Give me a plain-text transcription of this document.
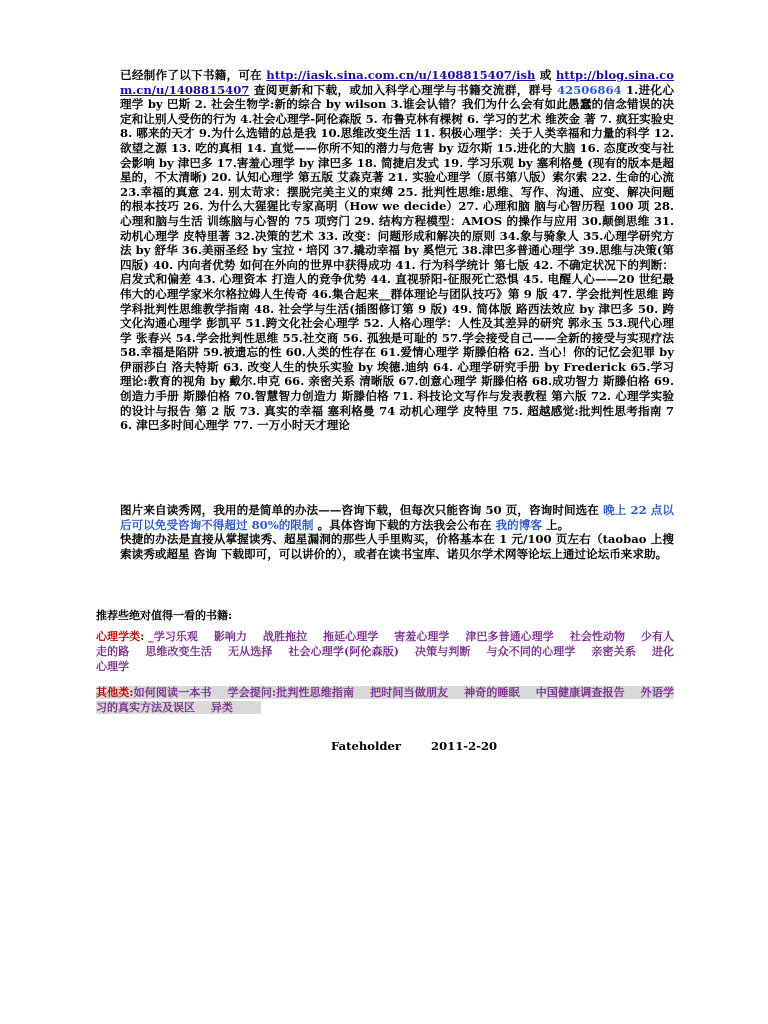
已经制作了以下书籍，可在 http://iask.sina.com.cn/u/1408815407/ish 或 http://blog.sina.com.cn/u/1408815407 查阅更新和下载，或加入科学心理学与书籍交流群，群号 42506864 1.进化心理学 by 巴斯 2. 社会生物学:新的综合 by wilson 3.谁会认错？我们为什么会有如此愚蠢的信念错误的决定和让别人受伤的行为 4.社会心理学-阿伦森版 5. 布鲁克林有棵树 6. 学习的艺术 维茨金 著 7. 疯狂实验史 8. 哪来的天才 9.为什么选错的总是我 10.思维改变生活 11. 积极心理学：关于人类幸福和力量的科学 12.欲望之源 13. 吃的真相 14. 直觉——你所不知的潜力与危害 by 迈尔斯 15.进化的大脑 16. 态度改变与社会影响 by 津巴多 17.害羞心理学 by 津巴多 18. 简捷启发式 19. 学习乐观 by 塞利格曼 (现有的版本是超星的，不太清晰) 20. 认知心理学 第五版 艾森克著 21. 实验心理学（原书第八版）索尔索 22. 生命的心流 23.幸福的真意 24. 别太苛求：摆脱完美主义的束缚 25. 批判性思维:思维、写作、沟通、应变、解决问题的根本技巧 26. 为什么大猩猩比专家高明（How we decide）27. 心理和脑 脑与心智历程 100 项 28. 心理和脑与生活 训练脑与心智的 75 项窍门 29. 结构方程模型：AMOS 的操作与应用 30.颠倒思维 31.动机心理学 皮特里著 32.决策的艺术 33. 改变：问题形成和解决的原则 34.象与骑象人 35.心理学研究方法 by 舒华 36.美丽圣经 by 宝拉・培冈 37.撬动幸福 by 奚恺元 38.津巴多普通心理学 39.思维与决策(第四版) 40. 内向者优势 如何在外向的世界中获得成功 41. 行为科学统计 第七版 42. 不确定状况下的判断：启发式和偏差 43. 心理资本 打造人的竞争优势 44. 直视骄阳-征服死亡恐惧 45. 电醒人心——20 世纪最伟大的心理学家米尔格拉姆人生传奇 46.集合起来__群体理论与团队技巧》第 9 版 47. 学会批判性思维 跨学科批判性思维教学指南 48. 社会学与生活(插图修订第 9 版) 49. 简体版 路西法效应 by 津巴多 50. 跨文化沟通心理学 彭凯平 51.跨文化社会心理学 52. 人格心理学：人性及其差异的研究 郭永玉 53.现代心理学 张春兴 54.学会批判性思维 55.社交商 56. 孤独是可耻的 57.学会接受自己——全新的接受与实现疗法 58.幸福是陷阱 59.被遗忘的性 60.人类的性存在 61.爱情心理学 斯滕伯格 62. 当心！你的记忆会犯罪 by 伊丽莎白 洛夫特斯 63. 改变人生的快乐实验 by 埃德.迪纳 64. 心理学研究手册 by Frederick 65.学习理论:教育的视角 by 戴尔.申克 66. 亲密关系 清晰版 67.创意心理学 斯滕伯格 68.成功智力 斯滕伯格 69.创造力手册 斯滕伯格 70.智慧智力创造力 斯滕伯格 71. 科技论文写作与发表教程 第六版 72. 心理学实验的设计与报告 第 2 版 73. 真实的幸福 塞利格曼 74 动机心理学 皮特里 75. 超越感觉:批判性思考指南 76. 津巴多时间心理学 77. 一万小时天才理论

图片来自读秀网，我用的是简单的办法——咨询下载，但每次只能咨询 50 页，咨询时间选在 晚上 22 点以后可以免受咨询不得超过 80%的限制 。具体咨询下载的方法我会公布在 我的博客 上。

快捷的办法是直接从掌握读秀、超星漏洞的那些人手里购买，价格基本在 1 元/100 页左右（taobao 上搜索读秀或超星 咨询 下载即可，可以讲价的），或者在读书宝库、诺贝尔学术网等论坛上通过论坛币来求助。

推荐些绝对值得一看的书籍:

心理学类: _学习乐观 影响力 战胜拖拉 拖延心理学 害羞心理学 津巴多普通心理学 社会性动物 少有人走的路 思维改变生活 无从选择 社会心理学(阿伦森版) 决策与判断 与众不同的心理学 亲密关系 进化心理学

其他类:如何阅读一本书 学会提问:批判性思维指南 把时间当做朋友 神奇的睡眠 中国健康调查报告 外语学习的真实方法及误区 异类

Fateholder	2011-2-20
